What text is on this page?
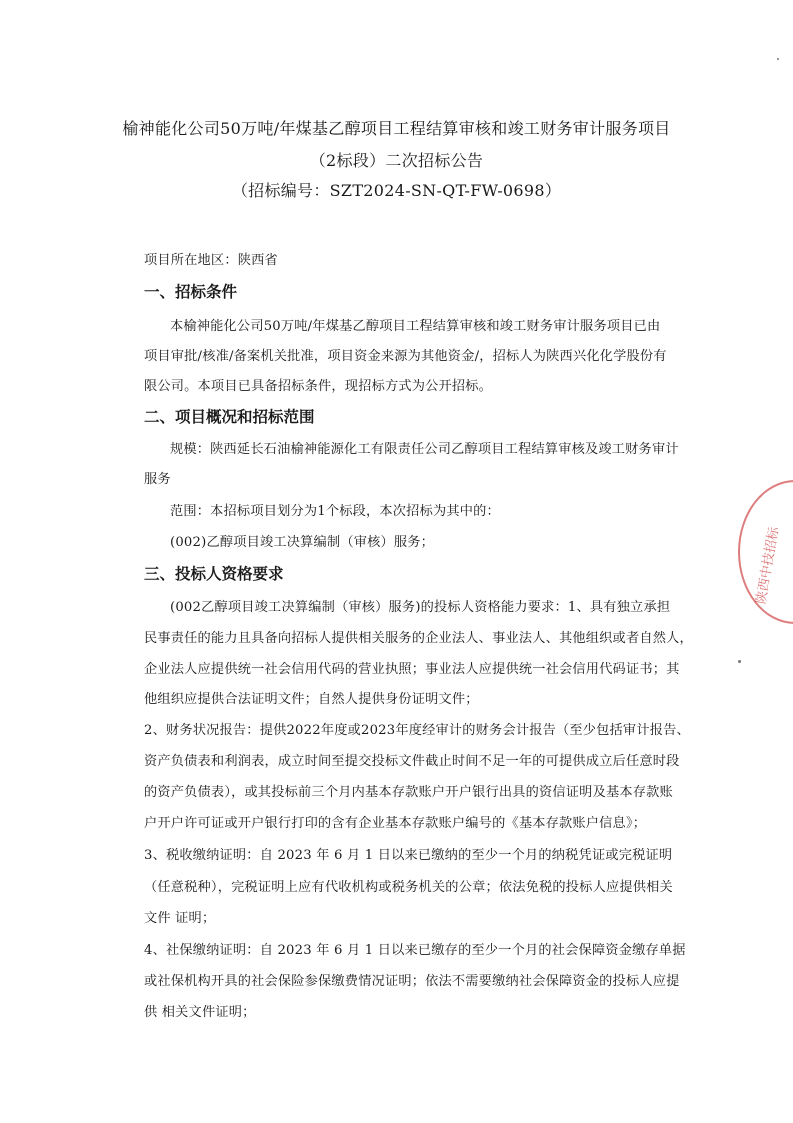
榆神能化公司50万吨/年煤基乙醇项目工程结算审核和竣工财务审计服务项目
（2标段）二次招标公告
（招标编号：SZT2024-SN-QT-FW-0698）
项目所在地区：陕西省
一、招标条件
本榆神能化公司50万吨/年煤基乙醇项目工程结算审核和竣工财务审计服务项目已由
项目审批/核准/备案机关批准，项目资金来源为其他资金/，招标人为陕西兴化化学股份有
限公司。本项目已具备招标条件，现招标方式为公开招标。
二、项目概况和招标范围
规模：陕西延长石油榆神能源化工有限责任公司乙醇项目工程结算审核及竣工财务审计
服务
范围：本招标项目划分为1个标段，本次招标为其中的：
(002)乙醇项目竣工决算编制（审核）服务；
三、投标人资格要求
(002乙醇项目竣工决算编制（审核）服务)的投标人资格能力要求：1、具有独立承担
民事责任的能力且具备向招标人提供相关服务的企业法人、事业法人、其他组织或者自然人，
企业法人应提供统一社会信用代码的营业执照；事业法人应提供统一社会信用代码证书；其
他组织应提供合法证明文件；自然人提供身份证明文件；
2、财务状况报告：提供2022年度或2023年度经审计的财务会计报告（至少包括审计报告、
资产负债表和利润表，成立时间至提交投标文件截止时间不足一年的可提供成立后任意时段
的资产负债表），或其投标前三个月内基本存款账户开户银行出具的资信证明及基本存款账
户开户许可证或开户银行打印的含有企业基本存款账户编号的《基本存款账户信息》；
3、税收缴纳证明：自 2023 年 6 月 1 日以来已缴纳的至少一个月的纳税凭证或完税证明
（任意税种），完税证明上应有代收机构或税务机关的公章；依法免税的投标人应提供相关
文件 证明；
4、社保缴纳证明：自 2023 年 6 月 1 日以来已缴存的至少一个月的社会保障资金缴存单据
或社保机构开具的社会保险参保缴费情况证明；依法不需要缴纳社会保障资金的投标人应提
供 相关文件证明；
陕西中技招标
